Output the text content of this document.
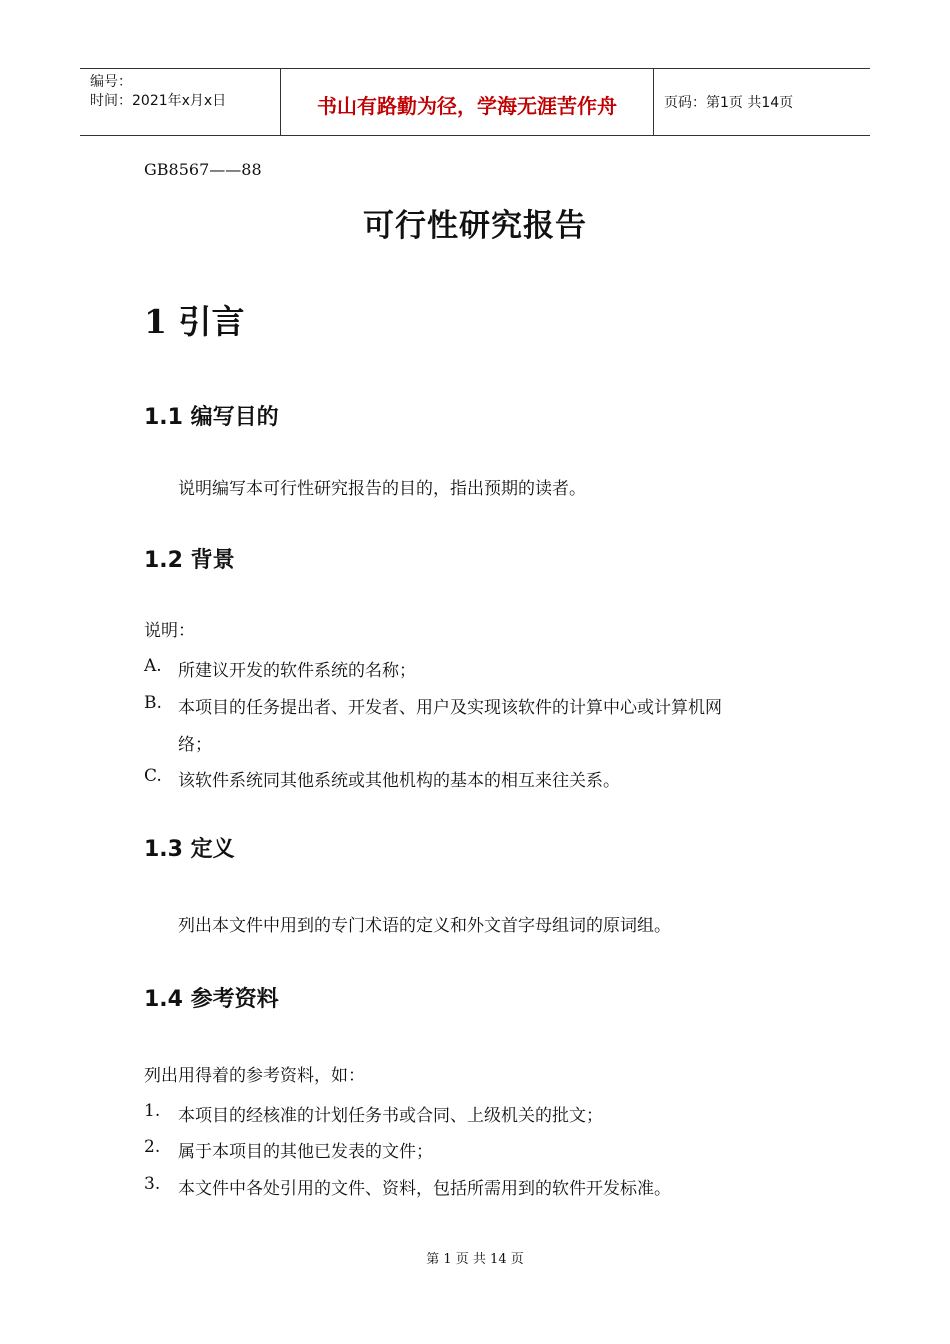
编号：
时间：2021年x月x日	书山有路勤为径，学海无涯苦作舟	页码：第1页 共14页
GB8567——88
可行性研究报告
1 引言
1.1 编写目的
说明编写本可行性研究报告的目的，指出预期的读者。
1.2 背景
说明：
A. 所建议开发的软件系统的名称；
B. 本项目的任务提出者、开发者、用户及实现该软件的计算中心或计算机网
络；
C. 该软件系统同其他系统或其他机构的基本的相互来往关系。
1.3 定义
列出本文件中用到的专门术语的定义和外文首字母组词的原词组。
1.4 参考资料
列出用得着的参考资料，如：
1. 本项目的经核准的计划任务书或合同、上级机关的批文；
2. 属于本项目的其他已发表的文件；
3. 本文件中各处引用的文件、资料，包括所需用到的软件开发标准。
第 1 页 共 14 页
